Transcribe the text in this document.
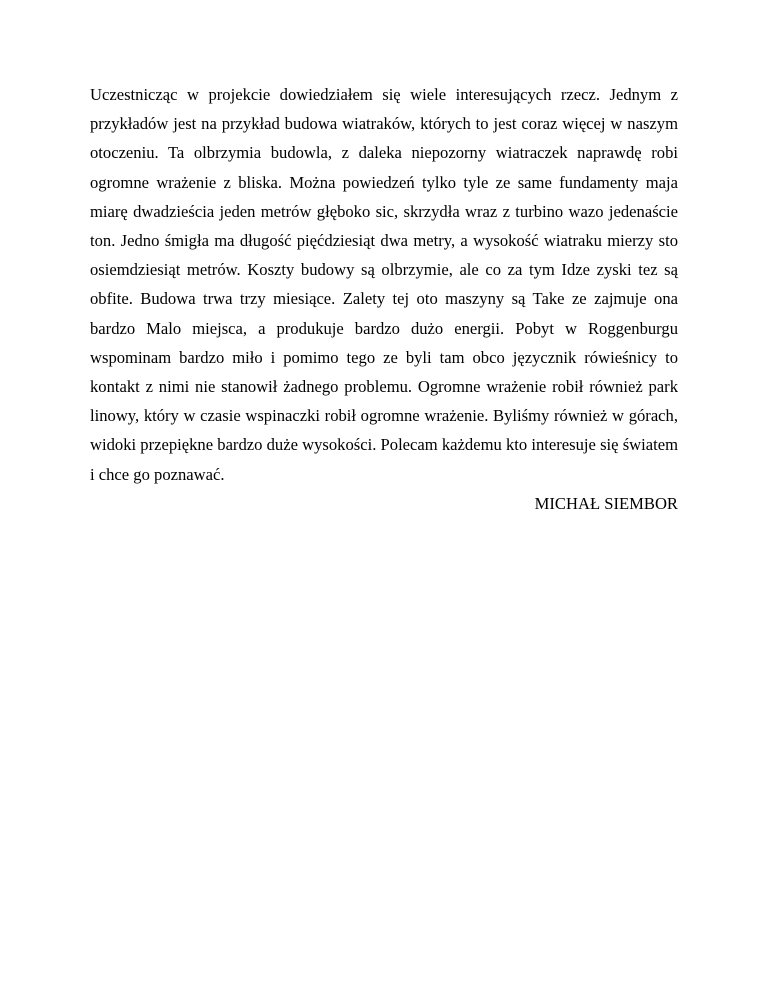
Uczestnicząc w projekcie dowiedziałem się wiele interesujących rzecz. Jednym z przykładów jest na przykład budowa wiatraków, których to jest coraz więcej w naszym otoczeniu. Ta olbrzymia budowla, z daleka niepozorny wiatraczek naprawdę robi ogromne wrażenie z bliska. Można powiedzeń tylko tyle ze same fundamenty maja miarę dwadzieścia jeden metrów głęboko sic, skrzydła wraz z turbino wazo jedenaście ton. Jedno śmigła ma długość pięćdziesiąt dwa metry, a wysokość wiatraku mierzy sto osiemdziesiąt metrów. Koszty budowy są olbrzymie, ale co za tym Idze zyski tez są obfite. Budowa trwa trzy miesiące. Zalety tej oto maszyny są Take ze zajmuje ona bardzo Malo miejsca, a produkuje bardzo dużo energii. Pobyt w Roggenburgu wspominam bardzo miło i pomimo tego ze byli tam obco języcznik rówieśnicy to kontakt z nimi nie stanowił żadnego problemu. Ogromne wrażenie robił również park linowy, który w czasie wspinaczki robił ogromne wrażenie. Byliśmy również w górach, widoki przepiękne bardzo duże wysokości. Polecam każdemu kto interesuje się światem i chce go poznawać.

MICHAŁ SIEMBOR
